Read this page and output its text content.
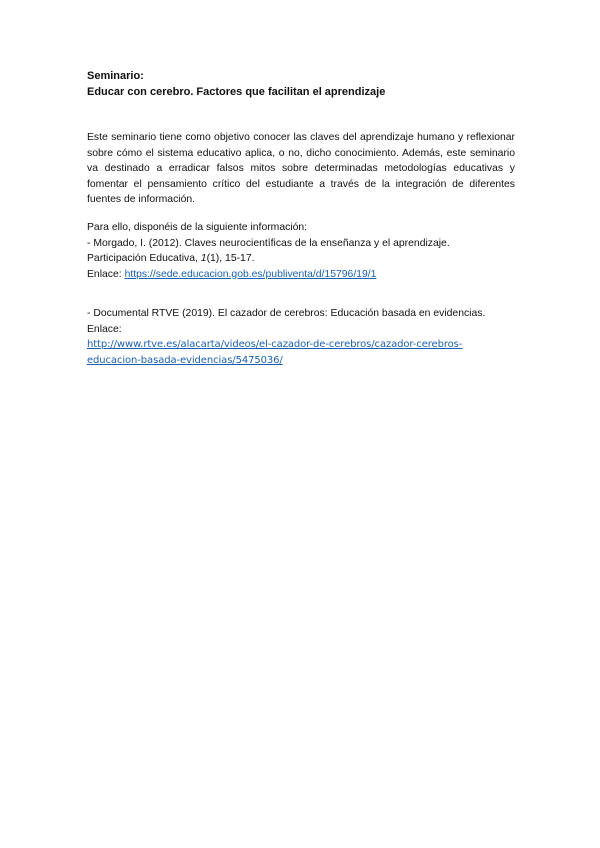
Seminario:
Educar con cerebro. Factores que facilitan el aprendizaje
Este seminario tiene como objetivo conocer las claves del aprendizaje humano y reflexionar sobre cómo el sistema educativo aplica, o no, dicho conocimiento. Además, este seminario va destinado a erradicar falsos mitos sobre determinadas metodologías educativas y fomentar el pensamiento crítico del estudiante a través de la integración de diferentes fuentes de información.
Para ello, disponéis de la siguiente información:
- Morgado, I. (2012). Claves neurocientíficas de la enseñanza y el aprendizaje.
Participación Educativa, 1(1), 15-17.
Enlace: https://sede.educacion.gob.es/publiventa/d/15796/19/1
- Documental RTVE (2019). El cazador de cerebros: Educación basada en evidencias.
Enlace:
http://www.rtve.es/alacarta/videos/el-cazador-de-cerebros/cazador-cerebros-
educacion-basada-evidencias/5475036/
